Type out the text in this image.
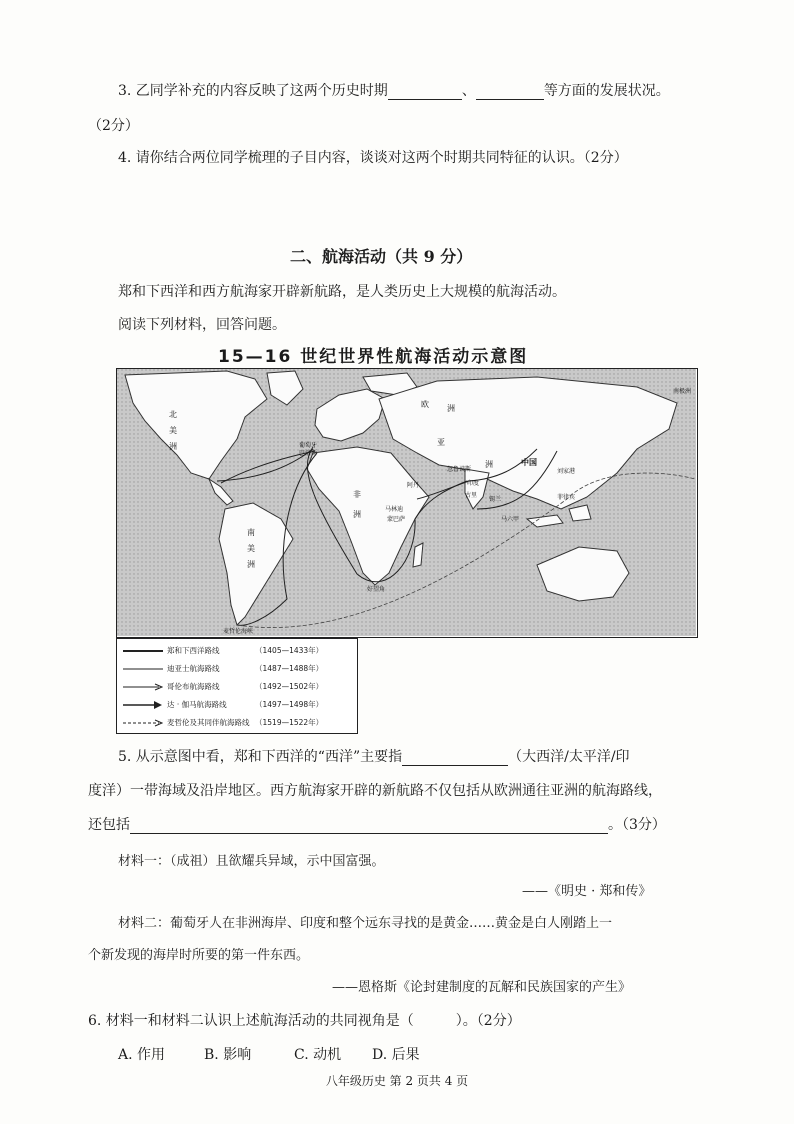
3. 乙同学补充的内容反映了这两个历史时期	、	等方面的发展状况。
（2分）
4. 请你结合两位同学梳理的子目内容，谈谈对这两个时期共同特征的认识。（2分）
二、航海活动（共 9 分）
郑和下西洋和西方航海家开辟新航路，是人类历史上大规模的航海活动。
阅读下列材料，回答问题。
15—16 世纪世界性航海活动示意图
北
美
洲
南
美
洲
欧 洲
亚
洲
非
洲
中国
葡萄牙
巴洛斯
忽鲁谟斯
阿丹
刘家港
印度
古里
锡兰
马六甲
菲律宾
马林迪
蒙巴萨
好望角
麦哲伦海峡
南极洲
郑和下西洋路线	（1405—1433年）
迪亚士航海路线	（1487—1488年）
哥伦布航海路线	（1492—1502年）
达 · 伽马航海路线	（1497—1498年）
麦哲伦及其同伴航海路线 （1519—1522年）
5. 从示意图中看，郑和下西洋的“西洋”主要指	（大西洋/太平洋/印
度洋）一带海域及沿岸地区。西方航海家开辟的新航路不仅包括从欧洲通往亚洲的航海路线，
还包括	。（3分）
材料一：（成祖）且欲耀兵异域，示中国富强。
——《明史 · 郑和传》
材料二：葡萄牙人在非洲海岸、印度和整个远东寻找的是黄金……黄金是白人刚踏上一
个新发现的海岸时所要的第一件东西。
——恩格斯《论封建制度的瓦解和民族国家的产生》
6. 材料一和材料二认识上述航海活动的共同视角是（　　　）。（2分）
A. 作用	B. 影响	C. 动机 D. 后果
八年级历史 第 2 页共 4 页
